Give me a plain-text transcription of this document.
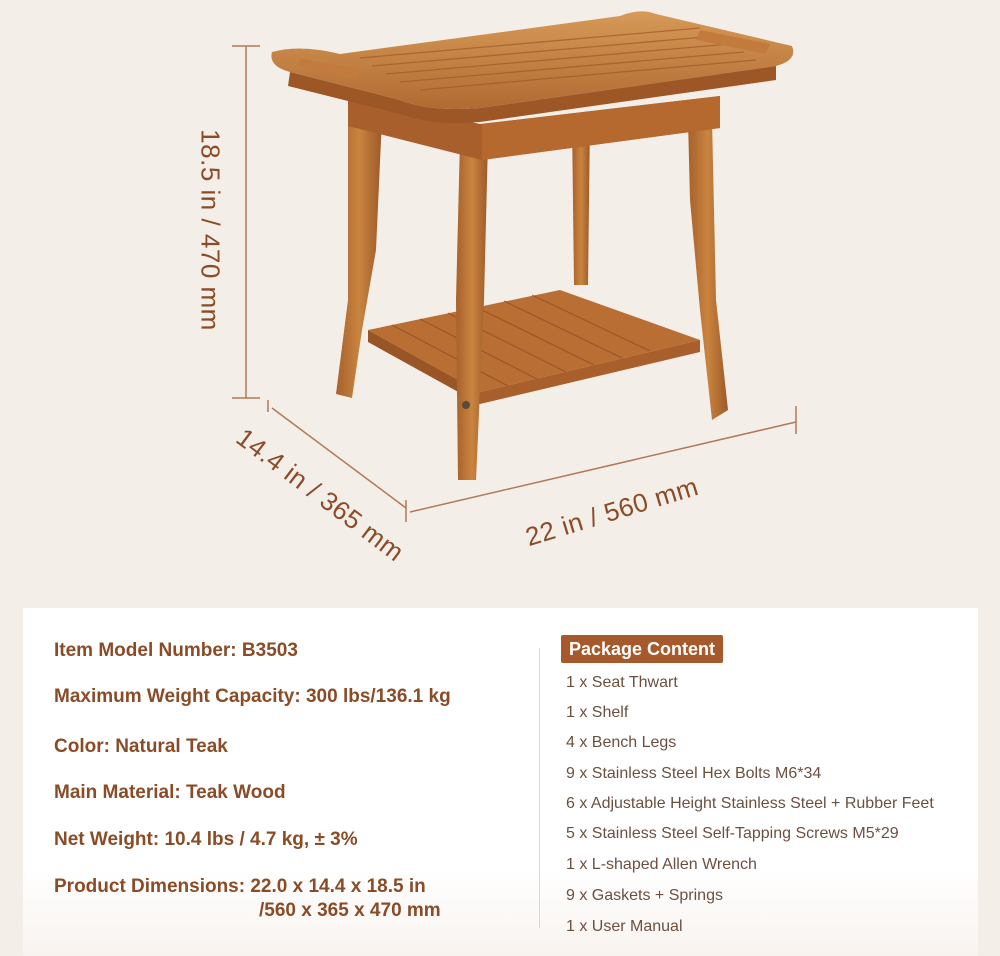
18.5 in / 470 mm
14.4 in / 365 mm	22 in / 560 mm

Item Model Number: B3503

Maximum Weight Capacity: 300 lbs/136.1 kg

Color: Natural Teak

Main Material: Teak Wood

Net Weight: 10.4 lbs / 4.7 kg, ± 3%

Product Dimensions: 22.0 x 14.4 x 18.5 in

/560 x 365 x 470 mm

Package Content
1 x Seat Thwart
1 x Shelf
4 x Bench Legs
9 x Stainless Steel Hex Bolts M6*34
6 x Adjustable Height Stainless Steel + Rubber Feet
5 x Stainless Steel Self-Tapping Screws M5*29
1 x L-shaped Allen Wrench
9 x Gaskets + Springs
1 x User Manual
